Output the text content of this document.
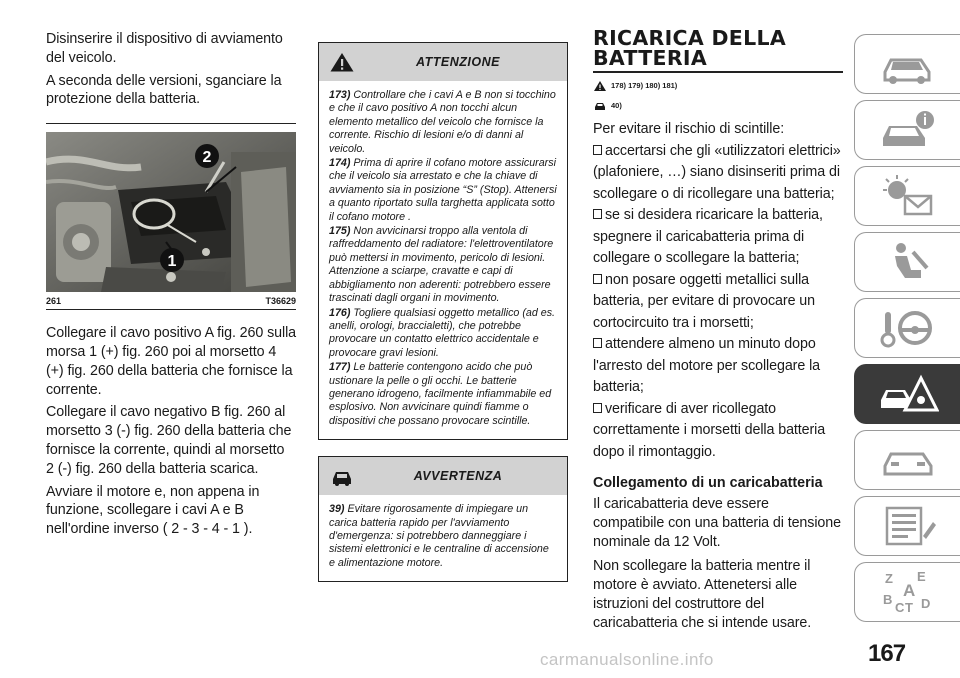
Disinserire il dispositivo di avviamento del veicolo.

A seconda delle versioni, sganciare la protezione della batteria.

2
1
261	T36629

Collegare il cavo positivo A fig. 260 sulla morsa 1 (+) fig. 260 poi al morsetto 4 (+) fig. 260 della batteria che fornisce la corrente.

Collegare il cavo negativo B fig. 260 al morsetto 3 (-) fig. 260 della batteria che fornisce la corrente, quindi al morsetto 2 (-) fig. 260 della batteria scarica.

Avviare il motore e, non appena in funzione, scollegare i cavi A e B nell'ordine inverso ( 2 - 3 - 4 - 1 ).

ATTENZIONE
173) Controllare che i cavi A e B non si tocchino e che il cavo positivo A non tocchi alcun elemento metallico del veicolo che fornisce la corrente. Rischio di lesioni e/o di danni al veicolo.
174) Prima di aprire il cofano motore assicurarsi che il veicolo sia arrestato e che la chiave di avviamento sia in posizione “S” (Stop). Attenersi a quanto riportato sulla targhetta applicata sotto il cofano motore .
175) Non avvicinarsi troppo alla ventola di raffreddamento del radiatore: l'elettroventilatore può mettersi in movimento, pericolo di lesioni. Attenzione a sciarpe, cravatte e capi di abbigliamento non aderenti: potrebbero essere trascinati dagli organi in movimento.
176) Togliere qualsiasi oggetto metallico (ad es. anelli, orologi, braccialetti), che potrebbe provocare un contatto elettrico accidentale e provocare gravi lesioni.
177) Le batterie contengono acido che può ustionare la pelle o gli occhi. Le batterie generano idrogeno, facilmente infiammabile ed esplosivo. Non avvicinare quindi fiamme o dispositivi che possano provocare scintille.
AVVERTENZA
39) Evitare rigorosamente di impiegare un carica batteria rapido per l'avviamento d'emergenza: si potrebbero danneggiare i sistemi elettronici e le centraline di accensione e alimentazione motore.
RICARICA DELLA
BATTERIA
178) 179) 180) 181)
40)

Per evitare il rischio di scintille:

accertarsi che gli «utilizzatori elettrici» (plafoniere, …) siano disinseriti prima di scollegare o di ricollegare una batteria;
se si desidera ricaricare la batteria, spegnere il caricabatteria prima di collegare o scollegare la batteria;
non posare oggetti metallici sulla batteria, per evitare di provocare un cortocircuito tra i morsetti;
attendere almeno un minuto dopo l'arresto del motore per scollegare la batteria;
verificare di aver ricollegato correttamente i morsetti della batteria dopo il rimontaggio.
Collegamento di un caricabatteria

Il caricabatteria deve essere compatibile con una batteria di tensione nominale da 12 Volt.

Non scollegare la batteria mentre il motore è avviato. Attenetersi alle istruzioni del costruttore del caricabatteria che si intende usare.

Z E
A
B
C T D
carmanualsonline.info	167
